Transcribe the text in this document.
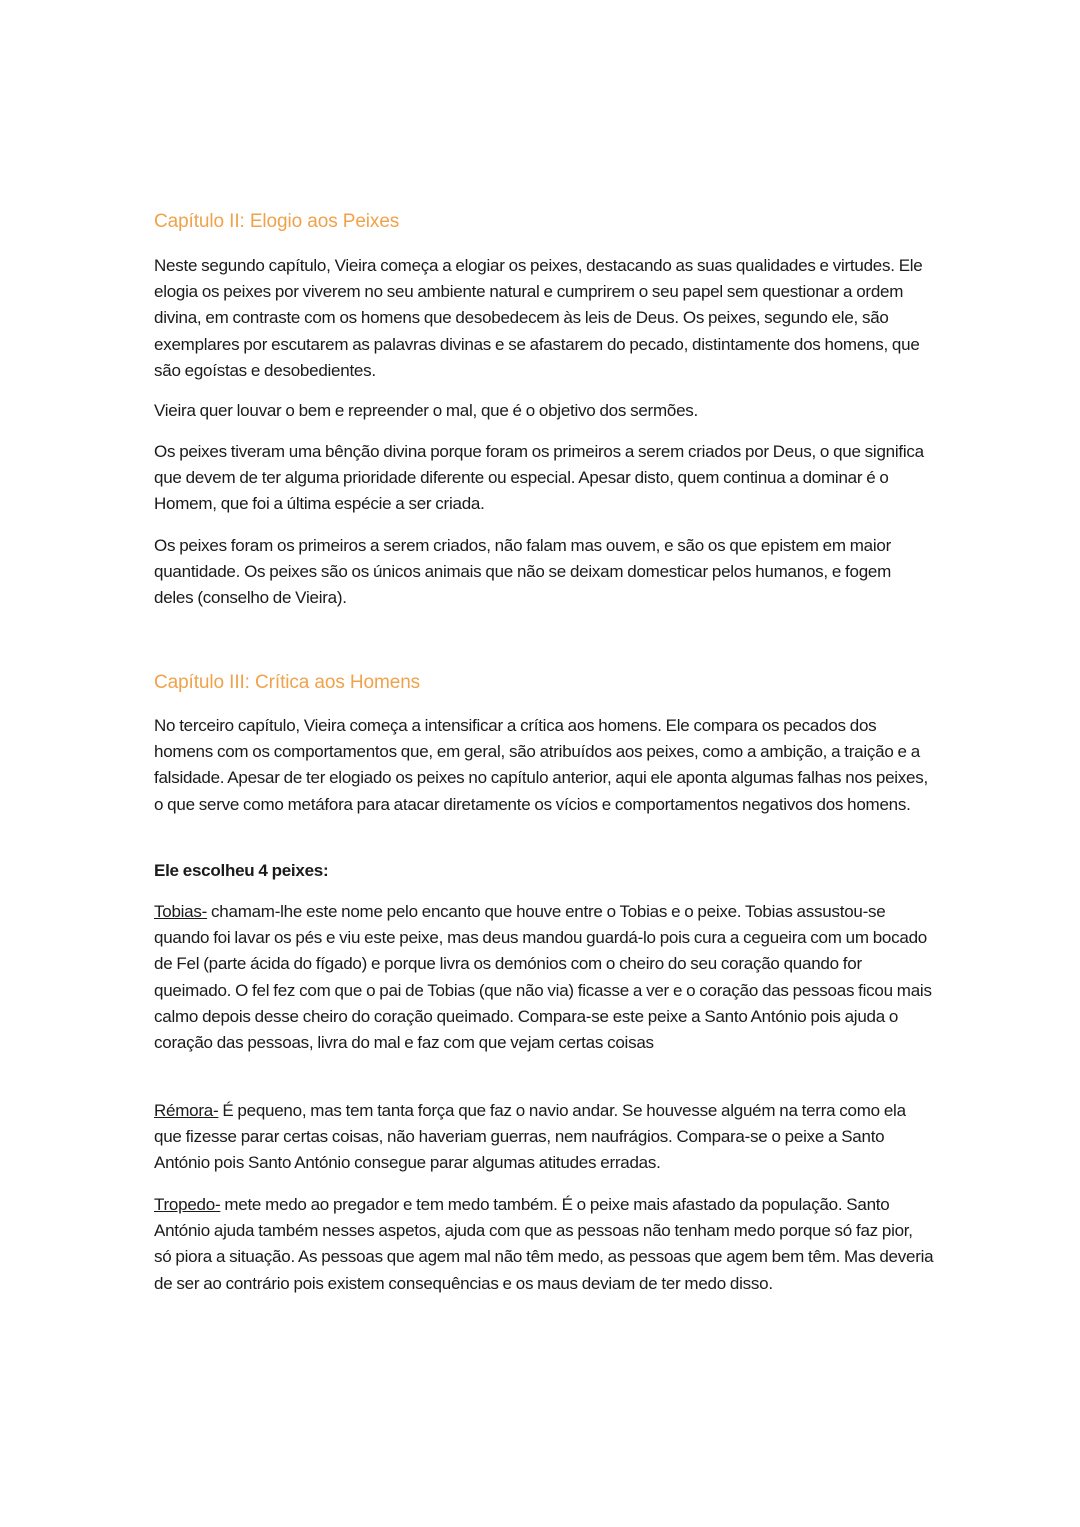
Capítulo II: Elogio aos Peixes

Neste segundo capítulo, Vieira começa a elogiar os peixes, destacando as suas qualidades e virtudes. Ele elogia os peixes por viverem no seu ambiente natural e cumprirem o seu papel sem questionar a ordem divina, em contraste com os homens que desobedecem às leis de Deus. Os peixes, segundo ele, são exemplares por escutarem as palavras divinas e se afastarem do pecado, distintamente dos homens, que são egoístas e desobedientes.

Vieira quer louvar o bem e repreender o mal, que é o objetivo dos sermões.

Os peixes tiveram uma bênção divina porque foram os primeiros a serem criados por Deus, o que significa que devem de ter alguma prioridade diferente ou especial. Apesar disto, quem continua a dominar é o Homem, que foi a última espécie a ser criada.

Os peixes foram os primeiros a serem criados, não falam mas ouvem, e são os que epistem em maior quantidade. Os peixes são os únicos animais que não se deixam domesticar pelos humanos, e fogem deles (conselho de Vieira).

Capítulo III: Crítica aos Homens

No terceiro capítulo, Vieira começa a intensificar a crítica aos homens. Ele compara os pecados dos homens com os comportamentos que, em geral, são atribuídos aos peixes, como a ambição, a traição e a falsidade. Apesar de ter elogiado os peixes no capítulo anterior, aqui ele aponta algumas falhas nos peixes, o que serve como metáfora para atacar diretamente os vícios e comportamentos negativos dos homens.

Ele escolheu 4 peixes:

Tobias- chamam-lhe este nome pelo encanto que houve entre o Tobias e o peixe. Tobias assustou-se quando foi lavar os pés e viu este peixe, mas deus mandou guardá-lo pois cura a cegueira com um bocado de Fel (parte ácida do fígado) e porque livra os demónios com o cheiro do seu coração quando for queimado. O fel fez com que o pai de Tobias (que não via) ficasse a ver e o coração das pessoas ficou mais calmo depois desse cheiro do coração queimado. Compara-se este peixe a Santo António pois ajuda o coração das pessoas, livra do mal e faz com que vejam certas coisas

Rémora- É pequeno, mas tem tanta força que faz o navio andar. Se houvesse alguém na terra como ela que fizesse parar certas coisas, não haveriam guerras, nem naufrágios. Compara-se o peixe a Santo António pois Santo António consegue parar algumas atitudes erradas.

Tropedo- mete medo ao pregador e tem medo também. É o peixe mais afastado da população. Santo António ajuda também nesses aspetos, ajuda com que as pessoas não tenham medo porque só faz pior, só piora a situação. As pessoas que agem mal não têm medo, as pessoas que agem bem têm. Mas deveria de ser ao contrário pois existem consequências e os maus deviam de ter medo disso.
